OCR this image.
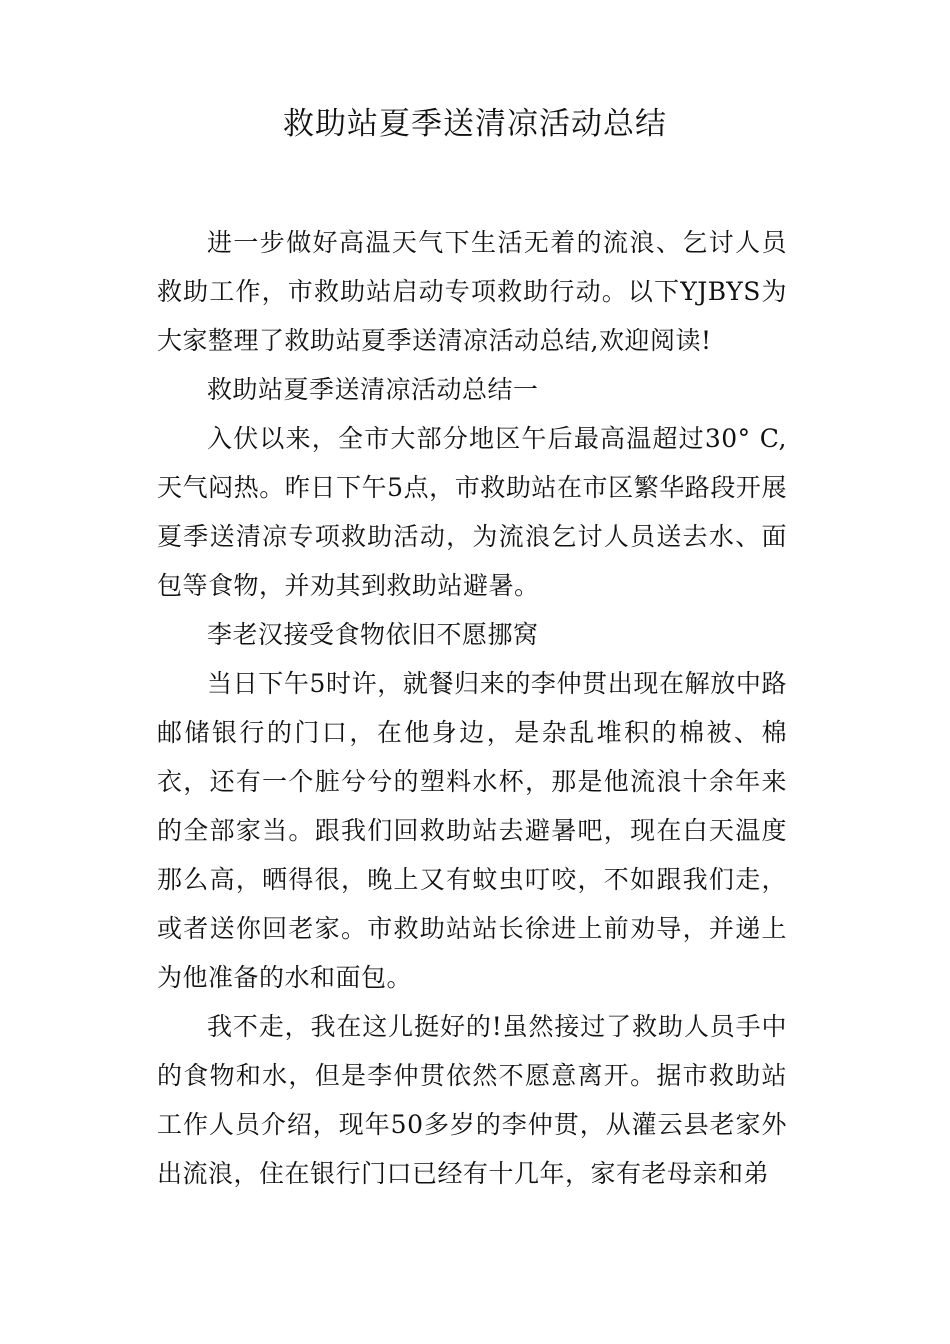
救助站夏季送清凉活动总结

进一步做好高温天气下生活无着的流浪、乞讨人员救助工作，市救助站启动专项救助行动。以下YJBYS为大家整理了救助站夏季送清凉活动总结,欢迎阅读!

救助站夏季送清凉活动总结一

入伏以来，全市大部分地区午后最高温超过30° C,天气闷热。昨日下午5点，市救助站在市区繁华路段开展夏季送清凉专项救助活动，为流浪乞讨人员送去水、面包等食物，并劝其到救助站避暑。

李老汉接受食物依旧不愿挪窝

当日下午5时许，就餐归来的李仲贯出现在解放中路邮储银行的门口，在他身边，是杂乱堆积的棉被、棉衣，还有一个脏兮兮的塑料水杯，那是他流浪十余年来的全部家当。跟我们回救助站去避暑吧，现在白天温度那么高，晒得很，晚上又有蚊虫叮咬，不如跟我们走，或者送你回老家。市救助站站长徐进上前劝导，并递上为他准备的水和面包。

我不走，我在这儿挺好的!虽然接过了救助人员手中的食物和水，但是李仲贯依然不愿意离开。据市救助站工作人员介绍，现年50多岁的李仲贯，从灌云县老家外出流浪，住在银行门口已经有十几年，家有老母亲和弟
